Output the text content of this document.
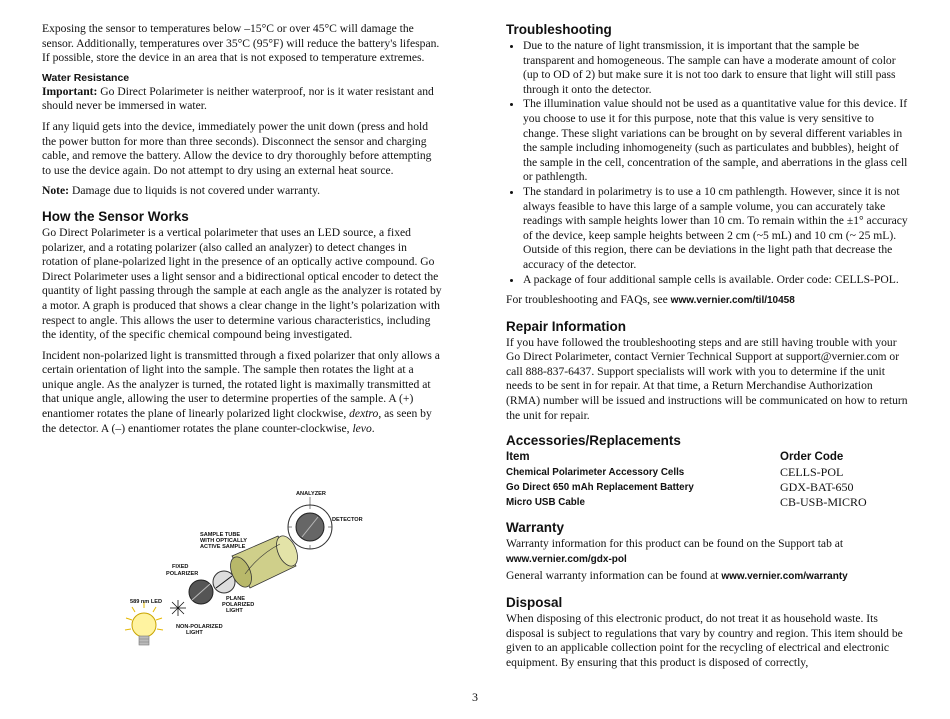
Exposing the sensor to temperatures below –15°C or over 45°C will damage the sensor. Additionally, temperatures over 35°C (95°F) will reduce the battery's lifespan. If possible, store the device in an area that is not exposed to temperature extremes.

Water Resistance

Important: Go Direct Polarimeter is neither waterproof, nor is it water resistant and should never be immersed in water.

If any liquid gets into the device, immediately power the unit down (press and hold the power button for more than three seconds). Disconnect the sensor and charging cable, and remove the battery. Allow the device to dry thoroughly before attempting to use the device again. Do not attempt to dry using an external heat source.

Note: Damage due to liquids is not covered under warranty.

How the Sensor Works

Go Direct Polarimeter is a vertical polarimeter that uses an LED source, a fixed polarizer, and a rotating polarizer (also called an analyzer) to detect changes in rotation of plane-polarized light in the presence of an optically active compound. Go Direct Polarimeter uses a light sensor and a bidirectional optical encoder to detect the quantity of light passing through the sample at each angle as the analyzer is rotated by a motor. A graph is produced that shows a clear change in the light’s polarization with respect to angle. This allows the user to determine various characteristics, including the identity, of the specific chemical compound being investigated.

Incident non-polarized light is transmitted through a fixed polarizer that only allows a certain orientation of light into the sample. The sample then rotates the light at a unique angle. As the analyzer is turned, the rotated light is maximally transmitted at that unique angle, allowing the user to determine properties of the sample. A (+) enantiomer rotates the plane of linearly polarized light clockwise, dextro, as seen by the detector. A (–) enantiomer rotates the plane counter-clockwise, levo.

ANALYZER
DETECTOR
SAMPLE TUBE
WITH OPTICALLY
ACTIVE SAMPLE
FIXED
POLARIZER
PLANE
POLARIZED
LIGHT
589 nm LED
NON-POLARIZED
LIGHT
Troubleshooting
• Due to the nature of light transmission, it is important that the sample be transparent and homogeneous. The sample can have a moderate amount of color (up to OD of 2) but make sure it is not too dark to ensure that light will still pass through it onto the detector.
• The illumination value should not be used as a quantitative value for this device. If you choose to use it for this purpose, note that this value is very sensitive to change. These slight variations can be brought on by several different variables in the sample including inhomogeneity (such as particulates and bubbles), height of the sample in the cell, concentration of the sample, and aberrations in the glass cell or pathlength.
• The standard in polarimetry is to use a 10 cm pathlength. However, since it is not always feasible to have this large of a sample volume, you can accurately take readings with sample heights lower than 10 cm. To remain within the ±1° accuracy of the device, keep sample heights between 2 cm (~5 mL) and 10 cm (~ 25 mL). Outside of this region, there can be deviations in the light path that decrease the accuracy of the detector.
• A package of four additional sample cells is available. Order code: CELLS-POL.

For troubleshooting and FAQs, see www.vernier.com/til/10458

Repair Information

If you have followed the troubleshooting steps and are still having trouble with your Go Direct Polarimeter, contact Vernier Technical Support at support@vernier.com or call 888-837-6437. Support specialists will work with you to determine if the unit needs to be sent in for repair. At that time, a Return Merchandise Authorization (RMA) number will be issued and instructions will be communicated on how to return the unit for repair.

Accessories/Replacements
Item	Order Code
Chemical Polarimeter Accessory Cells	CELLS-POL
Go Direct 650 mAh Replacement Battery	GDX-BAT-650
Micro USB Cable	CB-USB-MICRO
Warranty

Warranty information for this product can be found on the Support tab at
www.vernier.com/gdx-pol

General warranty information can be found at www.vernier.com/warranty

Disposal

When disposing of this electronic product, do not treat it as household waste. Its disposal is subject to regulations that vary by country and region. This item should be given to an applicable collection point for the recycling of electrical and electronic equipment. By ensuring that this product is disposed of correctly,

3
